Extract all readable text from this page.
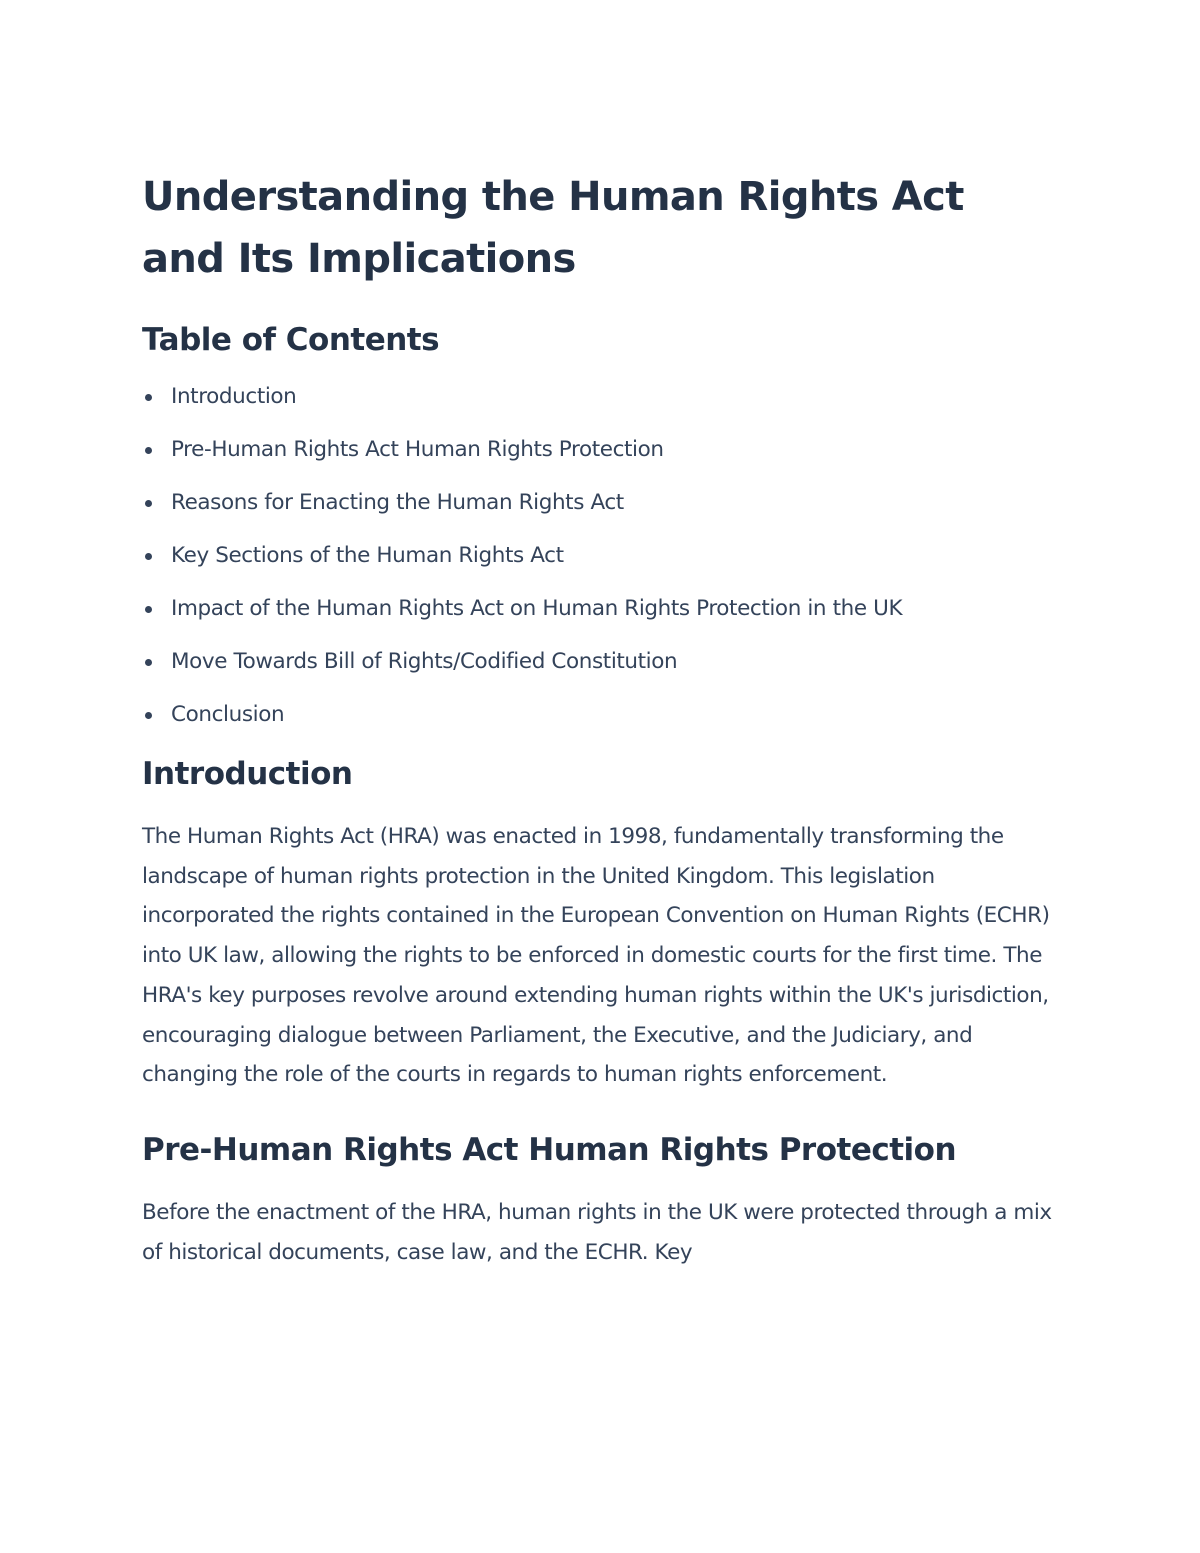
Understanding the Human Rights Act and Its Implications
Table of Contents
Introduction
Pre-Human Rights Act Human Rights Protection
Reasons for Enacting the Human Rights Act
Key Sections of the Human Rights Act
Impact of the Human Rights Act on Human Rights Protection in the UK
Move Towards Bill of Rights/Codified Constitution
Conclusion
Introduction

The Human Rights Act (HRA) was enacted in 1998, fundamentally transforming the landscape of human rights protection in the United Kingdom. This legislation incorporated the rights contained in the European Convention on Human Rights (ECHR) into UK law, allowing the rights to be enforced in domestic courts for the first time. The HRA's key purposes revolve around extending human rights within the UK's jurisdiction, encouraging dialogue between Parliament, the Executive, and the Judiciary, and changing the role of the courts in regards to human rights enforcement.

Pre-Human Rights Act Human Rights Protection

Before the enactment of the HRA, human rights in the UK were protected through a mix of historical documents, case law, and the ECHR. Key
